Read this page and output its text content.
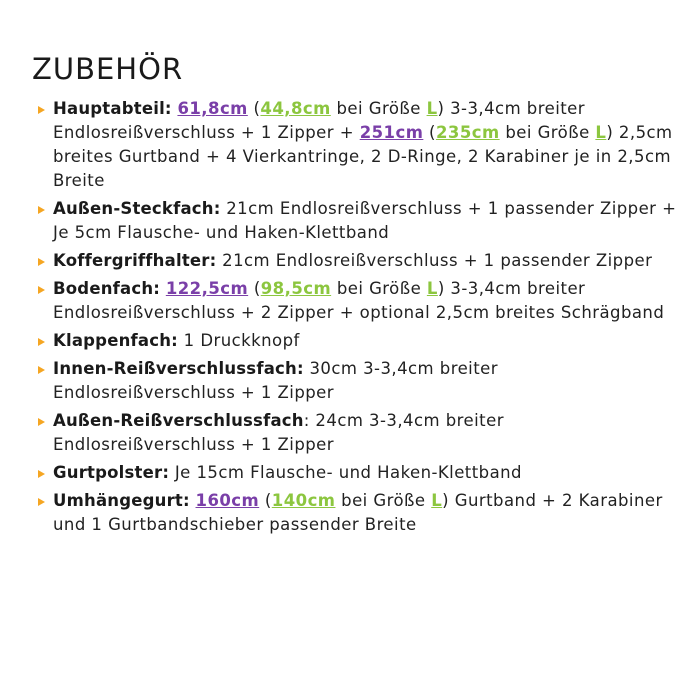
ZUBEHÖR
Hauptabteil: 61,8cm (44,8cm bei Größe L) 3-3,4cm breiter Endlosreißverschluss + 1 Zipper + 251cm (235cm bei Größe L) 2,5cm breites Gurtband + 4 Vierkantringe, 2 D-Ringe, 2 Karabiner je in 2,5cm Breite
Außen-Steckfach: 21cm Endlosreißverschluss + 1 passender Zipper + Je 5cm Flausche- und Haken-Klettband
Koffergriffhalter: 21cm Endlosreißverschluss + 1 passender Zipper
Bodenfach: 122,5cm (98,5cm bei Größe L) 3-3,4cm breiter Endlosreißverschluss + 2 Zipper + optional 2,5cm breites Schrägband
Klappenfach: 1 Druckknopf
Innen-Reißverschlussfach: 30cm 3-3,4cm breiter Endlosreißverschluss + 1 Zipper
Außen-Reißverschlussfach: 24cm 3-3,4cm breiter Endlosreißverschluss + 1 Zipper
Gurtpolster: Je 15cm Flausche- und Haken-Klettband
Umhängegurt: 160cm (140cm bei Größe L) Gurtband + 2 Karabiner und 1 Gurtbandschieber passender Breite
